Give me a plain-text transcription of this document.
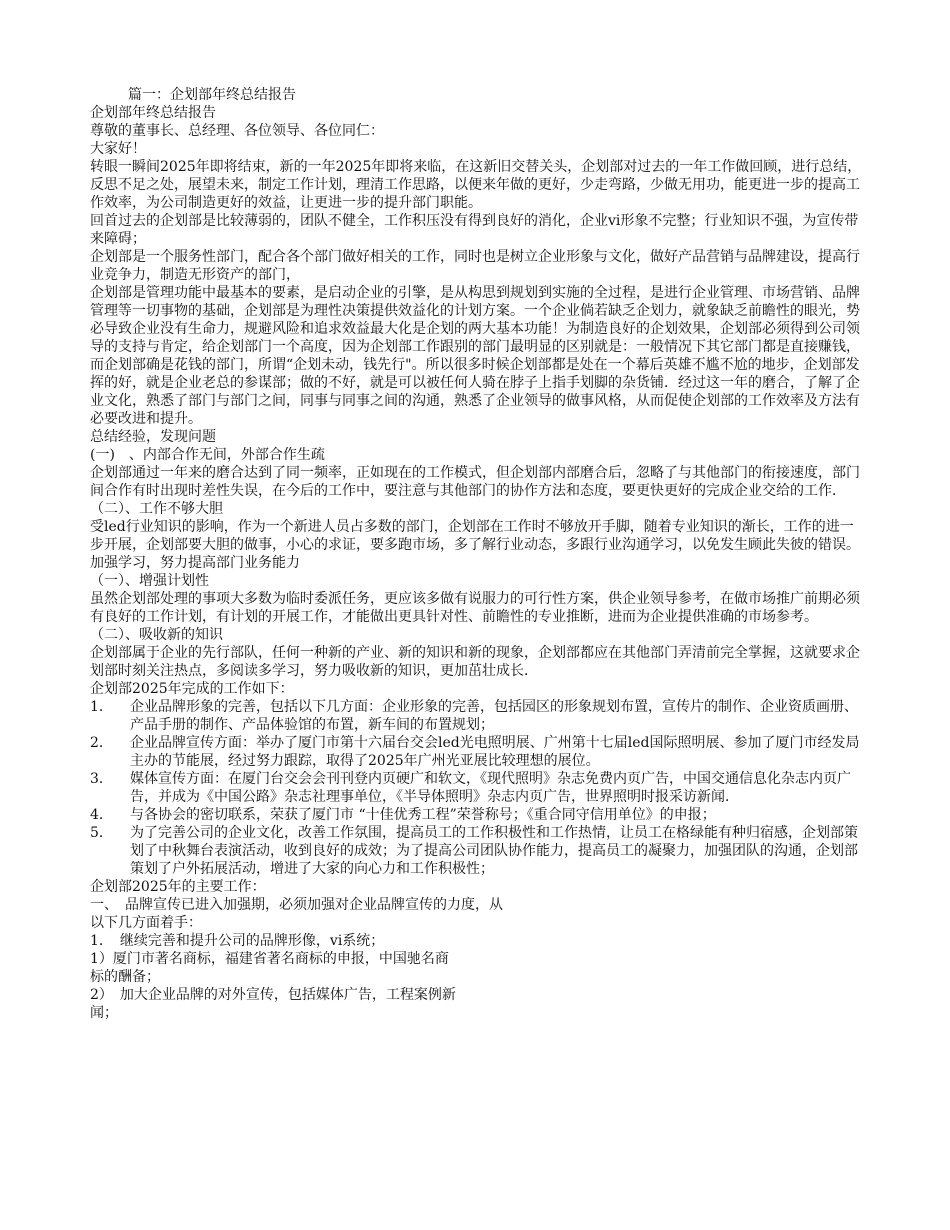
篇一：企划部年终总结报告

企划部年终总结报告

尊敬的董事长、总经理、各位领导、各位同仁：

大家好！

转眼一瞬间2025年即将结束，新的一年2025年即将来临，在这新旧交替关头，企划部对过去的一年工作做回顾，进行总结，反思不足之处，展望未来，制定工作计划，理清工作思路，以便来年做的更好，少走弯路，少做无用功，能更进一步的提高工作效率，为公司制造更好的效益，让更进一步的提升部门职能。

回首过去的企划部是比较薄弱的，团队不健全，工作积压没有得到良好的消化，企业vi形象不完整；行业知识不强，为宣传带来障碍；

企划部是一个服务性部门，配合各个部门做好相关的工作，同时也是树立企业形象与文化，做好产品营销与品牌建设，提高行业竞争力，制造无形资产的部门，

企划部是管理功能中最基本的要素，是启动企业的引擎，是从构思到规划到实施的全过程，是进行企业管理、市场营销、品牌管理等一切事物的基础，企划部是为理性决策提供效益化的计划方案。一个企业倘若缺乏企划力，就象缺乏前瞻性的眼光，势必导致企业没有生命力，规避风险和追求效益最大化是企划的两大基本功能！为制造良好的企划效果，企划部必须得到公司领导的支持与肯定，给企划部门一个高度，因为企划部工作跟别的部门最明显的区别就是：一般情况下其它部门都是直接赚钱，而企划部确是花钱的部门，所谓“企划未动，钱先行"。所以很多时候企划部都是处在一个幕后英雄不尴不尬的地步，企划部发挥的好，就是企业老总的参谋部；做的不好，就是可以被任何人骑在脖子上指手划脚的杂货铺．经过这一年的磨合，了解了企业文化，熟悉了部门与部门之间，同事与同事之间的沟通，熟悉了企业领导的做事风格，从而促使企划部的工作效率及方法有必要改进和提升。

总结经验，发现问题

(一)　、内部合作无间，外部合作生疏

企划部通过一年来的磨合达到了同一频率，正如现在的工作模式，但企划部内部磨合后，忽略了与其他部门的衔接速度，部门间合作有时出现时差性失误，在今后的工作中，要注意与其他部门的协作方法和态度，要更快更好的完成企业交给的工作．

（二）、工作不够大胆

受led行业知识的影响，作为一个新进人员占多数的部门，企划部在工作时不够放开手脚，随着专业知识的渐长，工作的进一步开展，企划部要大胆的做事，小心的求证，要多跑市场，多了解行业动态，多跟行业沟通学习，以免发生顾此失彼的错误。

加强学习，努力提高部门业务能力

（一）、增强计划性

虽然企划部处理的事项大多数为临时委派任务，更应该多做有说服力的可行性方案，供企业领导参考，在做市场推广前期必须有良好的工作计划，有计划的开展工作，才能做出更具针对性、前瞻性的专业推断，进而为企业提供准确的市场参考。

（二）、吸收新的知识

企划部属于企业的先行部队，任何一种新的产业、新的知识和新的现象，企划部都应在其他部门弄清前完全掌握，这就要求企划部时刻关注热点，多阅读多学习，努力吸收新的知识，更加茁壮成长．

企划部2025年完成的工作如下：

1．	企业品牌形象的完善，包括以下几方面：企业形象的完善，包括园区的形象规划布置，宣传片的制作、企业资质画册、产品手册的制作、产品体验馆的布置，新车间的布置规划；
2．	企业品牌宣传方面：举办了厦门市第十六届台交会led光电照明展、广州第十七届led国际照明展、参加了厦门市经发局主办的节能展，经过努力跟踪，取得了2025年广州光亚展比较理想的展位。
3．	媒体宣传方面：在厦门台交会会刊刊登内页硬广和软文，《现代照明》杂志免费内页广告，中国交通信息化杂志内页广告，并成为《中国公路》杂志社理事单位，《半导体照明》杂志内页广告，世界照明时报采访新闻．
4．	与各协会的密切联系，荣获了厦门市 “十佳优秀工程”荣誉称号；《重合同守信用单位》的申报；
5．	为了完善公司的企业文化，改善工作氛围，提高员工的工作积极性和工作热情，让员工在格绿能有种归宿感，企划部策划了中秋舞台表演活动，收到良好的成效；为了提高公司团队协作能力，提高员工的凝聚力，加强团队的沟通，企划部策划了户外拓展活动，增进了大家的向心力和工作积极性；

企划部2025年的主要工作：

一、　品牌宣传已进入加强期，必须加强对企业品牌宣传的力度，从

以下几方面着手：

1．　继续完善和提升公司的品牌形像，vi系统；

1）厦门市著名商标，福建省著名商标的申报，中国驰名商

标的酬备；

2）　加大企业品牌的对外宣传，包括媒体广告，工程案例新

闻；
